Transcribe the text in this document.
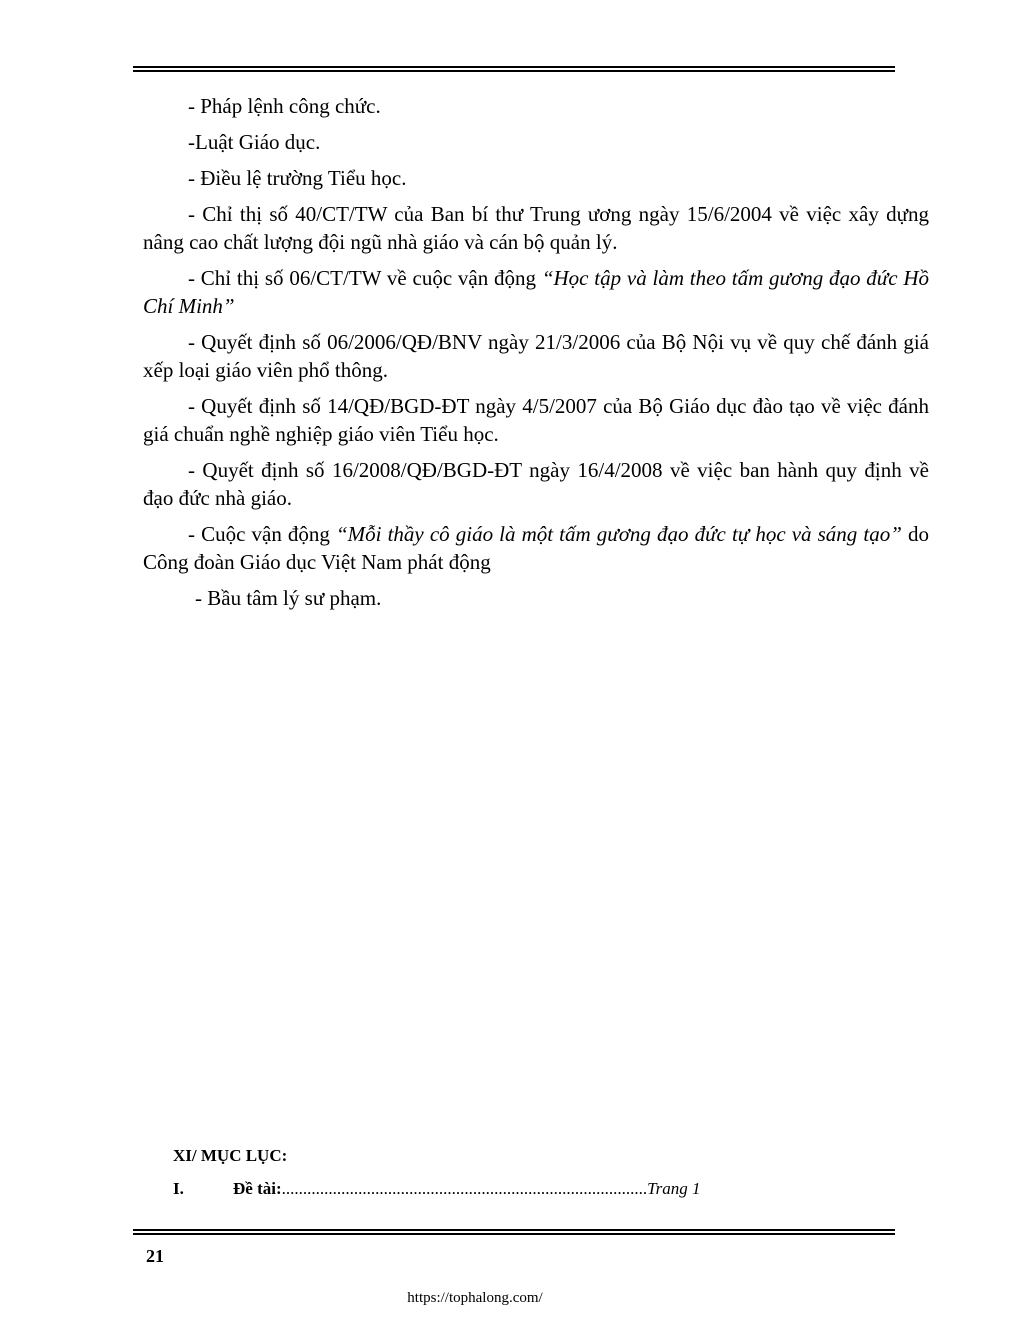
- Pháp lệnh công chức.

-Luật Giáo dục.

- Điều lệ trường Tiểu học.

- Chỉ thị số 40/CT/TW của Ban bí thư Trung ương ngày 15/6/2004 về việc xây dựng nâng cao chất lượng đội ngũ nhà giáo và cán bộ quản lý.

- Chỉ thị số 06/CT/TW về cuộc vận động “Học tập và làm theo tấm gương đạo đức Hồ Chí Minh”

- Quyết định số 06/2006/QĐ/BNV ngày 21/3/2006 của Bộ Nội vụ về quy chế đánh giá xếp loại giáo viên phổ thông.

- Quyết định số 14/QĐ/BGD-ĐT ngày 4/5/2007 của Bộ Giáo dục đào tạo về việc đánh giá chuẩn nghề nghiệp giáo viên Tiểu học.

- Quyết định số 16/2008/QĐ/BGD-ĐT ngày 16/4/2008 về việc ban hành quy định về đạo đức nhà giáo.

- Cuộc vận động “Mỗi thầy cô giáo là một tấm gương đạo đức tự học và sáng tạo” do Công đoàn Giáo dục Việt Nam phát động

- Bầu tâm lý sư phạm.

XI/ MỤC LỤC:

I.	Đề tài:......................................................................................Trang 1
21
https://tophalong.com/
